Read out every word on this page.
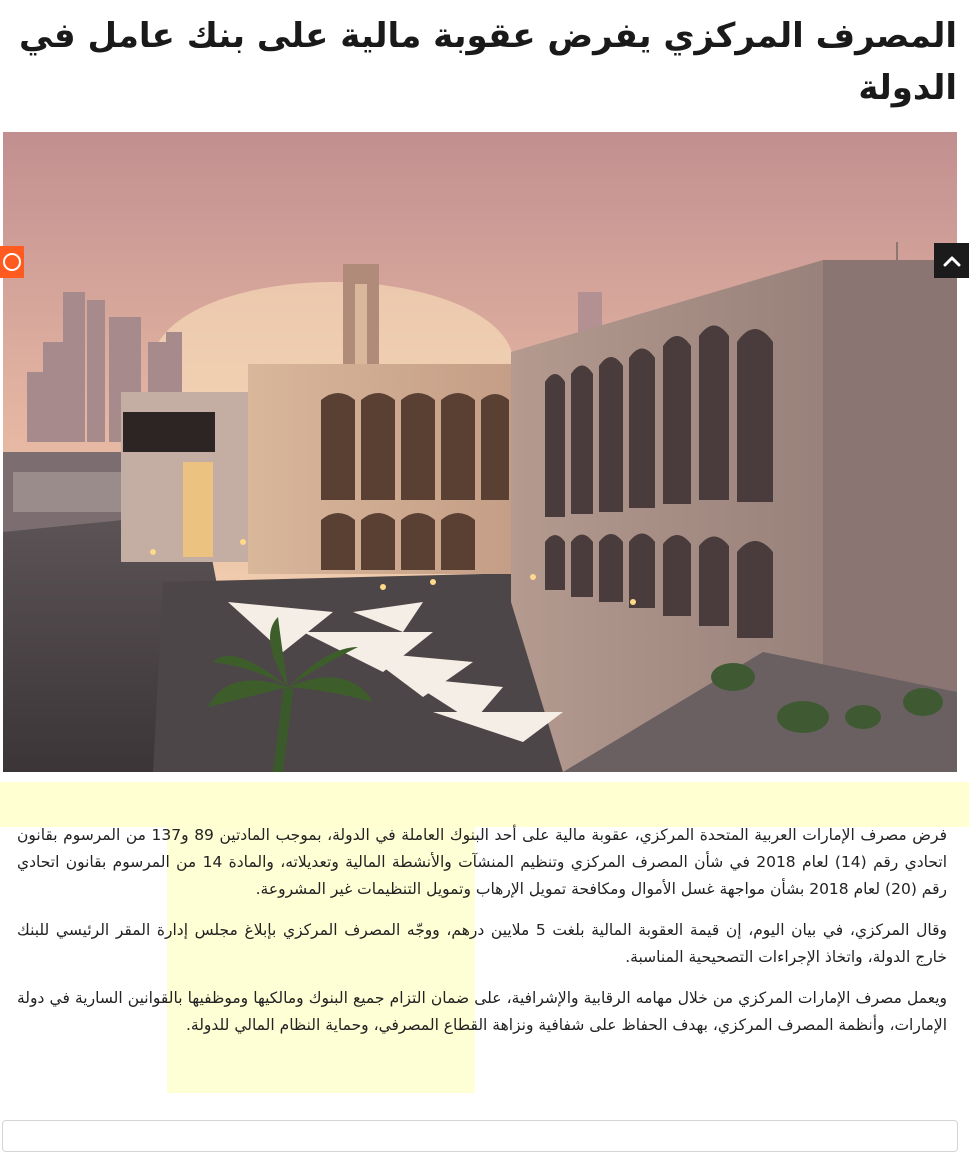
المصرف المركزي يفرض عقوبة مالية على بنك عامل في الدولة

فرض مصرف الإمارات العربية المتحدة المركزي، عقوبة مالية على أحد البنوك العاملة في الدولة، بموجب المادتين 89 و137 من المرسوم بقانون اتحادي رقم (14) لعام 2018 في شأن المصرف المركزي وتنظيم المنشآت والأنشطة المالية وتعديلاته، والمادة 14 من المرسوم بقانون اتحادي رقم (20) لعام 2018 بشأن مواجهة غسل الأموال ومكافحة تمويل الإرهاب وتمويل التنظيمات غير المشروعة.

وقال المركزي، في بيان اليوم، إن قيمة العقوبة المالية بلغت 5 ملايين درهم، ووجّه المصرف المركزي بإبلاغ مجلس إدارة المقر الرئيسي للبنك خارج الدولة، واتخاذ الإجراءات التصحيحية المناسبة.

ويعمل مصرف الإمارات المركزي من خلال مهامه الرقابية والإشرافية، على ضمان التزام جميع البنوك ومالكيها وموظفيها بالقوانين السارية في دولة الإمارات، وأنظمة المصرف المركزي، بهدف الحفاظ على شفافية ونزاهة القطاع المصرفي، وحماية النظام المالي للدولة.
